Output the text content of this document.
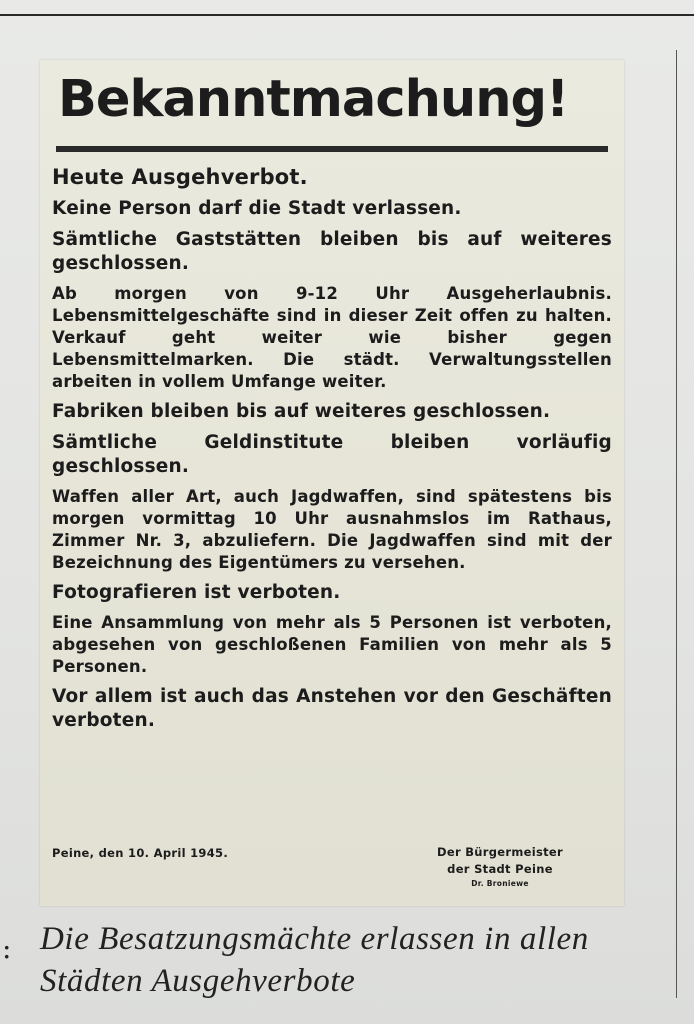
:
Bekanntmachung!

Heute Ausgehverbot.

Keine Person darf die Stadt verlassen.

Sämtliche Gaststätten bleiben bis auf weiteres geschlossen.

Ab morgen von 9-12 Uhr Ausgeherlaubnis. Lebensmittelgeschäfte sind in dieser Zeit offen zu halten. Verkauf geht weiter wie bisher gegen Lebensmittelmarken. Die städt. Verwaltungsstellen arbeiten in vollem Umfange weiter.

Fabriken bleiben bis auf weiteres geschlossen.

Sämtliche Geldinstitute bleiben vorläufig geschlossen.

Waffen aller Art, auch Jagdwaffen, sind spätestens bis morgen vormittag 10 Uhr ausnahmslos im Rathaus, Zimmer Nr. 3, abzuliefern. Die Jagdwaffen sind mit der Bezeichnung des Eigentümers zu versehen.

Fotografieren ist verboten.

Eine Ansammlung von mehr als 5 Personen ist verboten, abgesehen von geschloßenen Familien von mehr als 5 Personen.

Vor allem ist auch das Anstehen vor den Geschäften verboten.

Peine, den 10. April 1945.	Der Bürgermeister
der Stadt Peine
Dr. Broniewe

Die Besatzungsmächte erlassen in allen Städten Ausgehverbote
